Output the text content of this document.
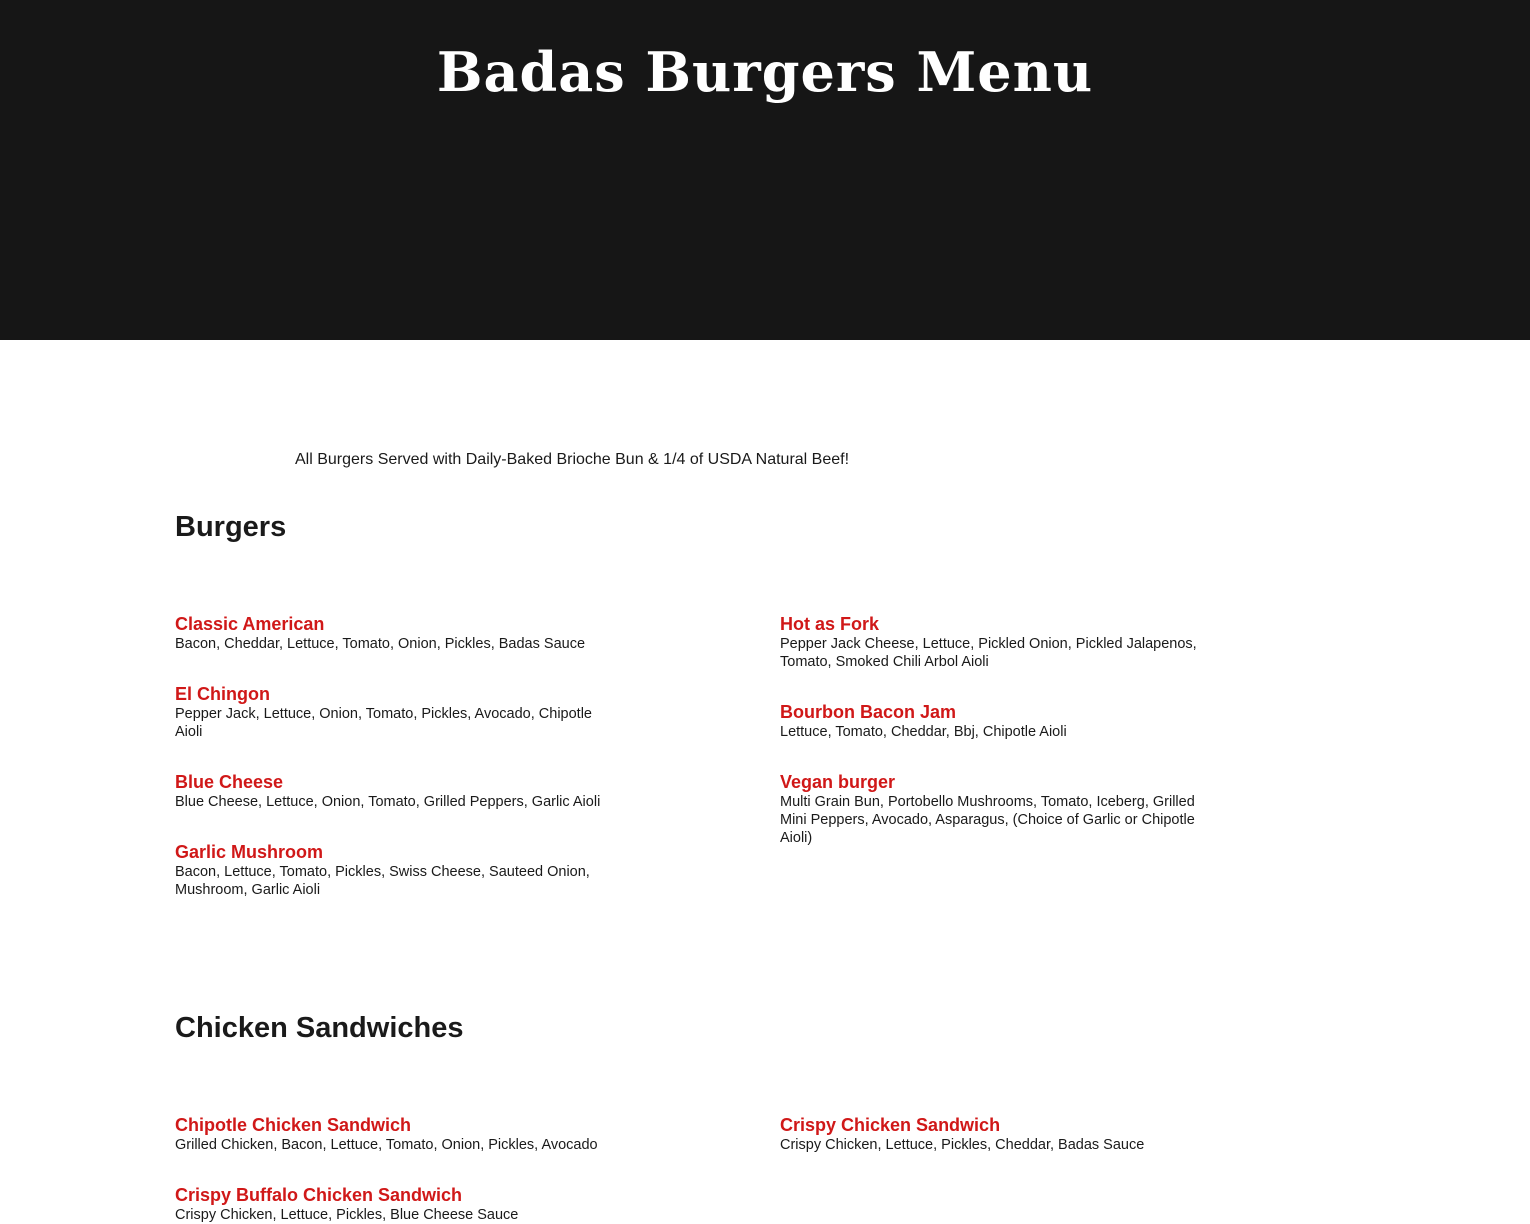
Badas Burgers Menu
All Burgers Served with Daily-Baked Brioche Bun & 1/4 of USDA Natural Beef!
Burgers
Classic American
Bacon, Cheddar, Lettuce, Tomato, Onion, Pickles, Badas Sauce
El Chingon
Pepper Jack, Lettuce, Onion, Tomato, Pickles, Avocado, Chipotle Aioli
Blue Cheese
Blue Cheese, Lettuce, Onion, Tomato, Grilled Peppers, Garlic Aioli
Garlic Mushroom
Bacon, Lettuce, Tomato, Pickles, Swiss Cheese, Sauteed Onion, Mushroom, Garlic Aioli
Hot as Fork
Pepper Jack Cheese, Lettuce, Pickled Onion, Pickled Jalapenos, Tomato, Smoked Chili Arbol Aioli
Bourbon Bacon Jam
Lettuce, Tomato, Cheddar, Bbj, Chipotle Aioli
Vegan burger
Multi Grain Bun, Portobello Mushrooms, Tomato, Iceberg, Grilled Mini Peppers, Avocado, Asparagus, (Choice of Garlic or Chipotle Aioli)
Chicken Sandwiches
Chipotle Chicken Sandwich
Grilled Chicken, Bacon, Lettuce, Tomato, Onion, Pickles, Avocado
Crispy Buffalo Chicken Sandwich
Crispy Chicken, Lettuce, Pickles, Blue Cheese Sauce
Crispy Chicken Sandwich
Crispy Chicken, Lettuce, Pickles, Cheddar, Badas Sauce
